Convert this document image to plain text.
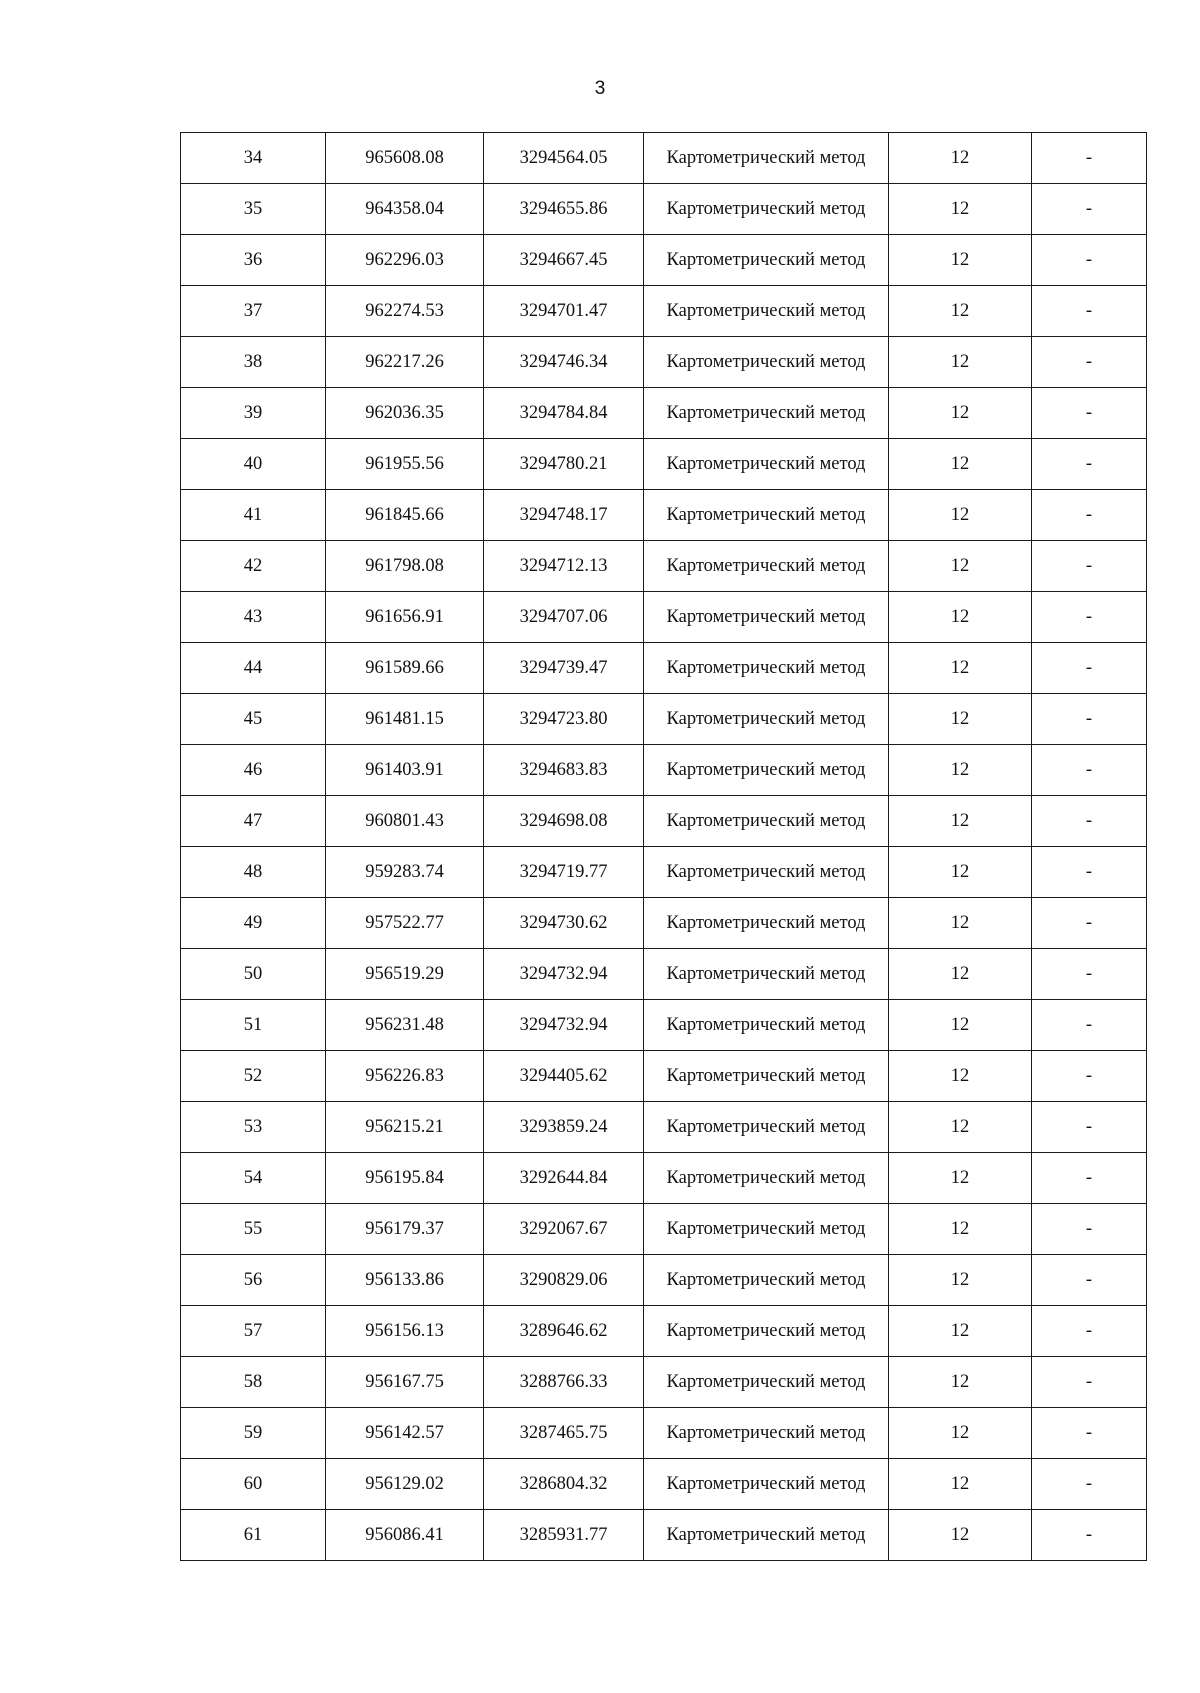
3
34	965608.08	3294564.05	Картометрический метод	12	-
35	964358.04	3294655.86	Картометрический метод	12	-
36	962296.03	3294667.45	Картометрический метод	12	-
37	962274.53	3294701.47	Картометрический метод	12	-
38	962217.26	3294746.34	Картометрический метод	12	-
39	962036.35	3294784.84	Картометрический метод	12	-
40	961955.56	3294780.21	Картометрический метод	12	-
41	961845.66	3294748.17	Картометрический метод	12	-
42	961798.08	3294712.13	Картометрический метод	12	-
43	961656.91	3294707.06	Картометрический метод	12	-
44	961589.66	3294739.47	Картометрический метод	12	-
45	961481.15	3294723.80	Картометрический метод	12	-
46	961403.91	3294683.83	Картометрический метод	12	-
47	960801.43	3294698.08	Картометрический метод	12	-
48	959283.74	3294719.77	Картометрический метод	12	-
49	957522.77	3294730.62	Картометрический метод	12	-
50	956519.29	3294732.94	Картометрический метод	12	-
51	956231.48	3294732.94	Картометрический метод	12	-
52	956226.83	3294405.62	Картометрический метод	12	-
53	956215.21	3293859.24	Картометрический метод	12	-
54	956195.84	3292644.84	Картометрический метод	12	-
55	956179.37	3292067.67	Картометрический метод	12	-
56	956133.86	3290829.06	Картометрический метод	12	-
57	956156.13	3289646.62	Картометрический метод	12	-
58	956167.75	3288766.33	Картометрический метод	12	-
59	956142.57	3287465.75	Картометрический метод	12	-
60	956129.02	3286804.32	Картометрический метод	12	-
61	956086.41	3285931.77	Картометрический метод	12	-
